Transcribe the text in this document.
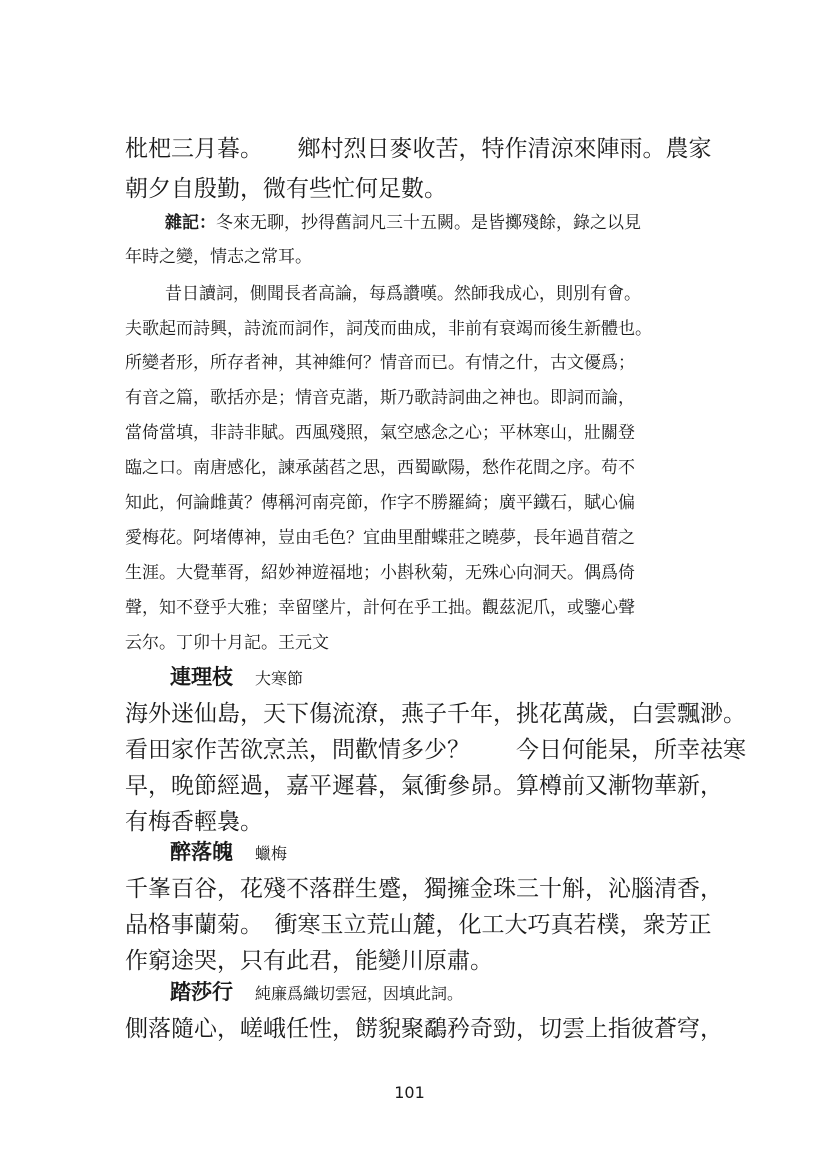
枇杷三月暮。　　鄉村烈日麥收苦，特作清涼來陣雨。農家
朝夕自殷勤，微有些忙何足數。
雜記：冬來无聊，抄得舊詞凡三十五闕。是皆擲殘餘，錄之以見
年時之變，情志之常耳。
昔日讀詞，側聞長者高論，每爲讚嘆。然師我成心，則別有會。
夫歌起而詩興，詩流而詞作，詞茂而曲成，非前有衰竭而後生新體也。
所變者形，所存者神，其神維何？情音而已。有情之什，古文優爲；
有音之篇，歌括亦是；情音克諧，斯乃歌詩詞曲之神也。即詞而論，
當倚當填，非詩非賦。西風殘照，氣空感念之心；平林寒山，壯關登
臨之口。南唐感化，諫承菡萏之思，西蜀歐陽，愁作花間之序。苟不
知此，何論雌黃？傳稱河南亮節，作字不勝羅綺；廣平鐵石，賦心偏
愛梅花。阿堵傳神，豈由毛色？宜曲里酣蝶莊之曉夢，長年過苜蓿之
生涯。大覺華胥，紹妙神遊福地；小斟秋菊，无殊心向洞天。偶爲倚
聲，知不登乎大雅；幸留墜片，計何在乎工拙。觀茲泥爪，或鑒心聲
云尔。丁卯十月記。王元文
連理枝 大寒節
海外迷仙島，天下傷流潦，燕子千年，挑花萬歲，白雲飄渺。
看田家作苦欲烹羔，問歡情多少？　　今日何能杲，所幸祛寒
早，晚節經過，嘉平遲暮，氣衝參昴。算樽前又漸物華新，
有梅香輕裊。
醉落魄 蠟梅
千峯百谷，花殘不落群生蹙，獨擁金珠三十斛，沁腦清香，
品格事蘭菊。　衝寒玉立荒山麓，化工大巧真若樸，衆芳正
作窮途哭，只有此君，能變川原肅。
踏莎行 純廉爲織切雲冠，因填此詞。
側落隨心，嵯峨任性，餝貎聚鷸矜奇勁，切雲上指彼蒼穹，
101
